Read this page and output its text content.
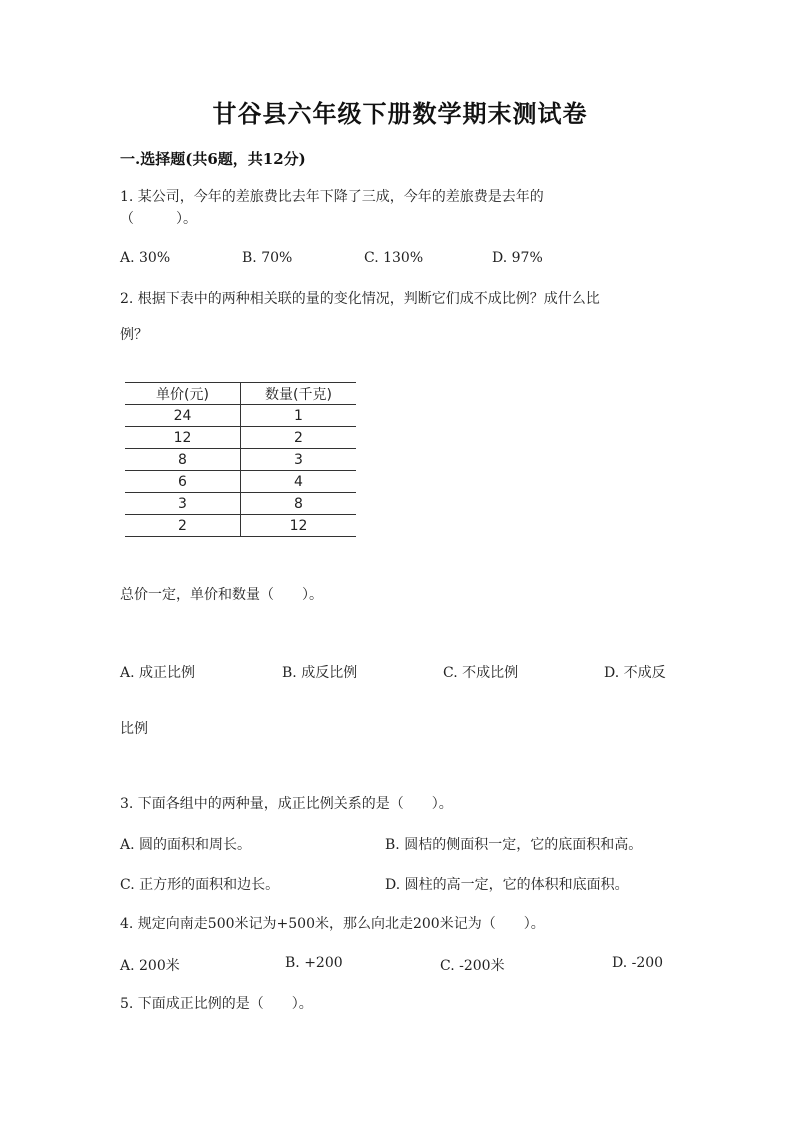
甘谷县六年级下册数学期末测试卷
一.选择题(共6题，共12分)
1. 某公司，今年的差旅费比去年下降了三成，今年的差旅费是去年的
（　　　）。
A. 30%	B. 70%	C. 130%	D. 97%
2. 根据下表中的两种相关联的量的变化情况，判断它们成不成比例？成什么比
例？
单价(元)	数量(千克)
24	1
12	2
8	3
6	4
3	8
2	12
总价一定，单价和数量（　　）。
A. 成正比例	B. 成反比例	C. 不成比例	D. 不成反
比例
3. 下面各组中的两种量，成正比例关系的是（　　）。
A. 圆的面积和周长。	B. 圆桔的侧面积一定，它的底面积和高。
C. 正方形的面积和边长。	D. 圆柱的高一定，它的体积和底面积。
4. 规定向南走500米记为+500米，那么向北走200米记为（　　）。
A. 200米	B. +200	C. -200米	D. -200
5. 下面成正比例的是（　　）。
